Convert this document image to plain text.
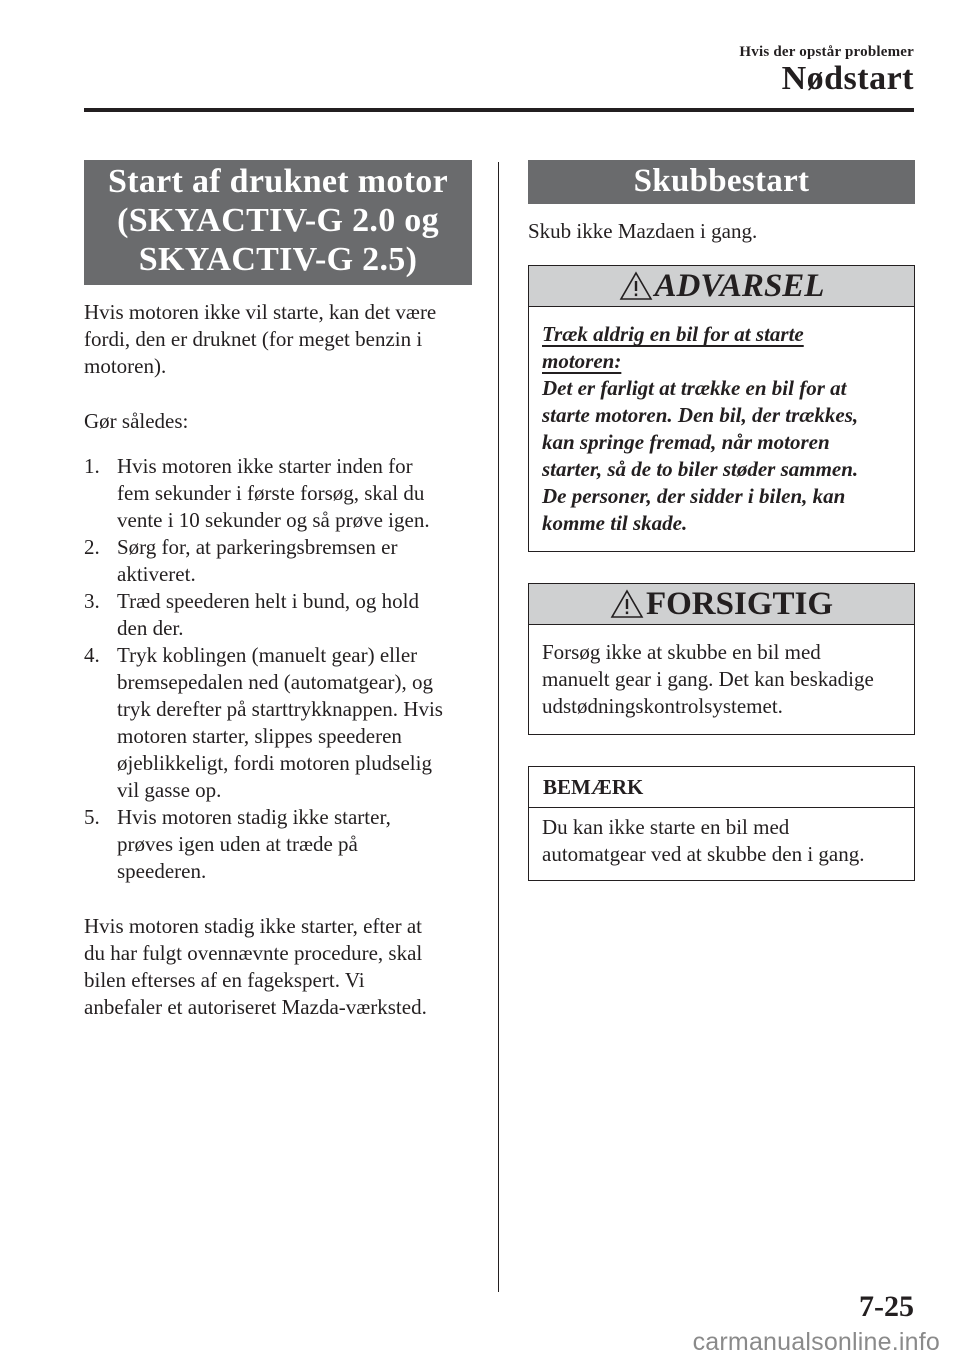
Hvis der opstår problemer
Nødstart
Start af druknet motor
(SKYACTIV-G 2.0 og
SKYACTIV-G 2.5)

Hvis motoren ikke vil starte, kan det være

fordi, den er druknet (for meget benzin i

motoren).

Gør således:

1. Hvis motoren ikke starter inden for
fem sekunder i første forsøg, skal du
vente i 10 sekunder og så prøve igen.
2. Sørg for, at parkeringsbremsen er
aktiveret.
3. Træd speederen helt i bund, og hold
den der.
4. Tryk koblingen (manuelt gear) eller
bremsepedalen ned (automatgear), og
tryk derefter på starttrykknappen. Hvis
motoren starter, slippes speederen
øjeblikkeligt, fordi motoren pludselig
vil gasse op.
5. Hvis motoren stadig ikke starter,
prøves igen uden at træde på
speederen.

Hvis motoren stadig ikke starter, efter at

du har fulgt ovennævnte procedure, skal

bilen efterses af en fagekspert. Vi

anbefaler et autoriseret Mazda-værksted.

Skubbestart

Skub ikke Mazdaen i gang.

ADVARSEL
Træk aldrig en bil for at starte
motoren:
Det er farligt at trække en bil for at
starte motoren. Den bil, der trækkes,
kan springe fremad, når motoren
starter, så de to biler støder sammen.
De personer, der sidder i bilen, kan
komme til skade.
FORSIGTIG
Forsøg ikke at skubbe en bil med
manuelt gear i gang. Det kan beskadige
udstødningskontrolsystemet.
BEMÆRK
Du kan ikke starte en bil med
automatgear ved at skubbe den i gang.
7-25
carmanualsonline.info
